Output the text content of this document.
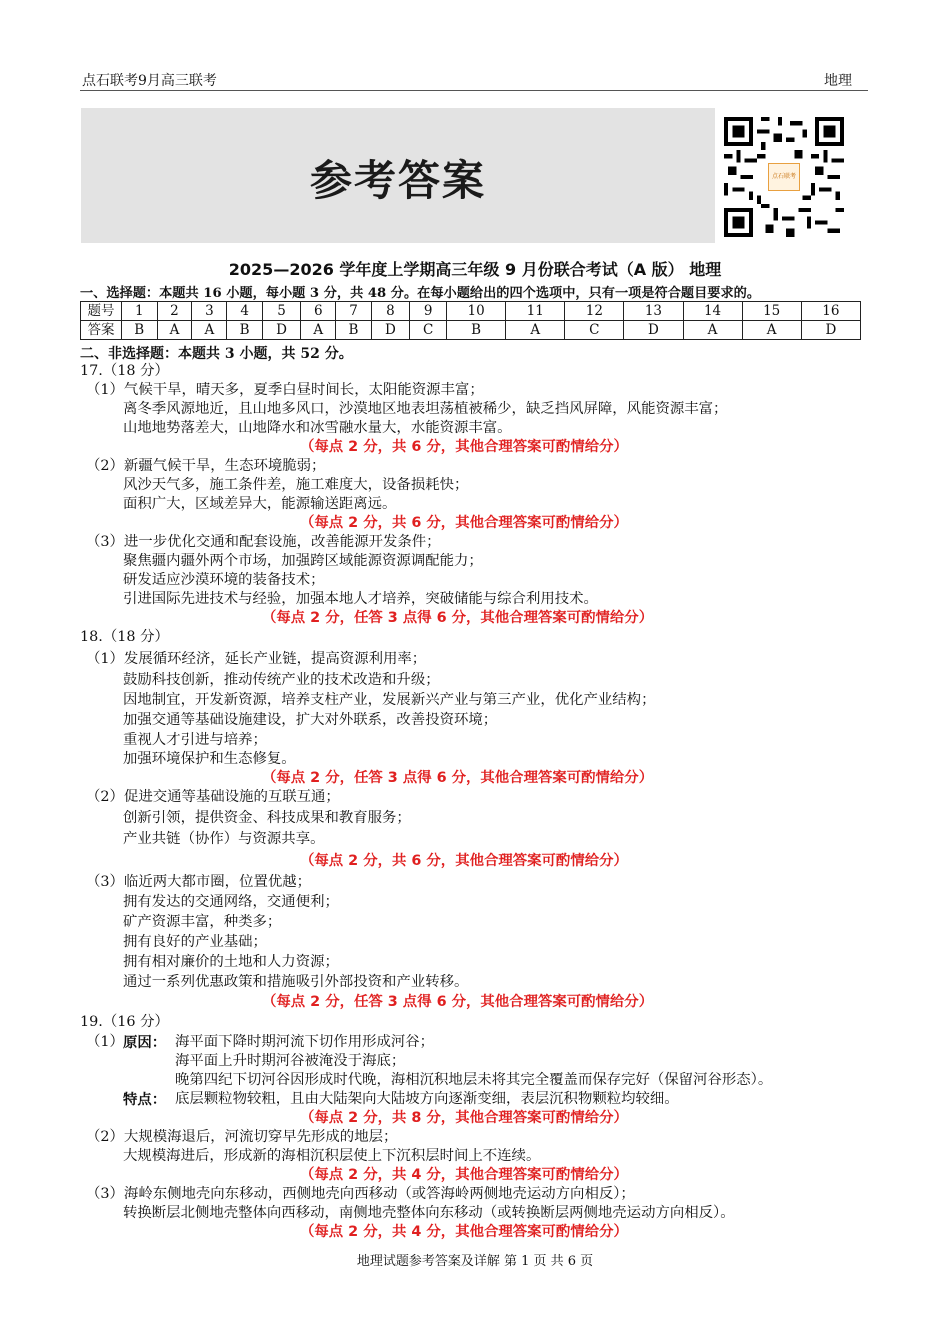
点石联考9月高三联考	地理
参考答案	点石联考
2025—2026 学年度上学期高三年级 9 月份联合考试（A 版） 地理
一、选择题：本题共 16 小题，每小题 3 分，共 48 分。在每小题给出的四个选项中，只有一项是符合题目要求的。
题号	1	2	3	4	5	6	7	8	9	10	11	12	13	14	15	16
答案	B	A	A	B	D	A	B	D	C	B	A	C	D	A	A	D
二、非选择题：本题共 3 小题，共 52 分。
17.（18 分）
（1）气候干旱，晴天多，夏季白昼时间长，太阳能资源丰富；
离冬季风源地近，且山地多风口，沙漠地区地表坦荡植被稀少，缺乏挡风屏障，风能资源丰富；
山地地势落差大，山地降水和冰雪融水量大，水能资源丰富。
（每点 2 分，共 6 分，其他合理答案可酌情给分）
（2）新疆气候干旱，生态环境脆弱；
风沙天气多，施工条件差，施工难度大，设备损耗快；
面积广大，区域差异大，能源输送距离远。
（每点 2 分，共 6 分，其他合理答案可酌情给分）
（3）进一步优化交通和配套设施，改善能源开发条件；
聚焦疆内疆外两个市场，加强跨区域能源资源调配能力；
研发适应沙漠环境的装备技术；
引进国际先进技术与经验，加强本地人才培养，突破储能与综合利用技术。
（每点 2 分，任答 3 点得 6 分，其他合理答案可酌情给分）
18.（18 分）
（1）发展循环经济，延长产业链，提高资源利用率；
鼓励科技创新，推动传统产业的技术改造和升级；
因地制宜，开发新资源，培养支柱产业，发展新兴产业与第三产业，优化产业结构；
加强交通等基础设施建设，扩大对外联系，改善投资环境；
重视人才引进与培养；
加强环境保护和生态修复。
（每点 2 分，任答 3 点得 6 分，其他合理答案可酌情给分）
（2）促进交通等基础设施的互联互通；
创新引领，提供资金、科技成果和教育服务；
产业共链（协作）与资源共享。
（每点 2 分，共 6 分，其他合理答案可酌情给分）
（3）临近两大都市圈，位置优越；
拥有发达的交通网络，交通便利；
矿产资源丰富，种类多；
拥有良好的产业基础；
拥有相对廉价的土地和人力资源；
通过一系列优惠政策和措施吸引外部投资和产业转移。
（每点 2 分，任答 3 点得 6 分，其他合理答案可酌情给分）
19.（16 分）
（1） 原因： 海平面下降时期河流下切作用形成河谷；
海平面上升时期河谷被淹没于海底；
晚第四纪下切河谷因形成时代晚，海相沉积地层未将其完全覆盖而保存完好（保留河谷形态）。
特点： 底层颗粒物较粗，且由大陆架向大陆坡方向逐渐变细，表层沉积物颗粒均较细。
（每点 2 分，共 8 分，其他合理答案可酌情给分）
（2）大规模海退后，河流切穿早先形成的地层；
大规模海进后，形成新的海相沉积层使上下沉积层时间上不连续。
（每点 2 分，共 4 分，其他合理答案可酌情给分）
（3）海岭东侧地壳向东移动，西侧地壳向西移动（或答海岭两侧地壳运动方向相反）；
转换断层北侧地壳整体向西移动，南侧地壳整体向东移动（或转换断层两侧地壳运动方向相反）。
（每点 2 分，共 4 分，其他合理答案可酌情给分）
地理试题参考答案及详解 第 1 页 共 6 页
